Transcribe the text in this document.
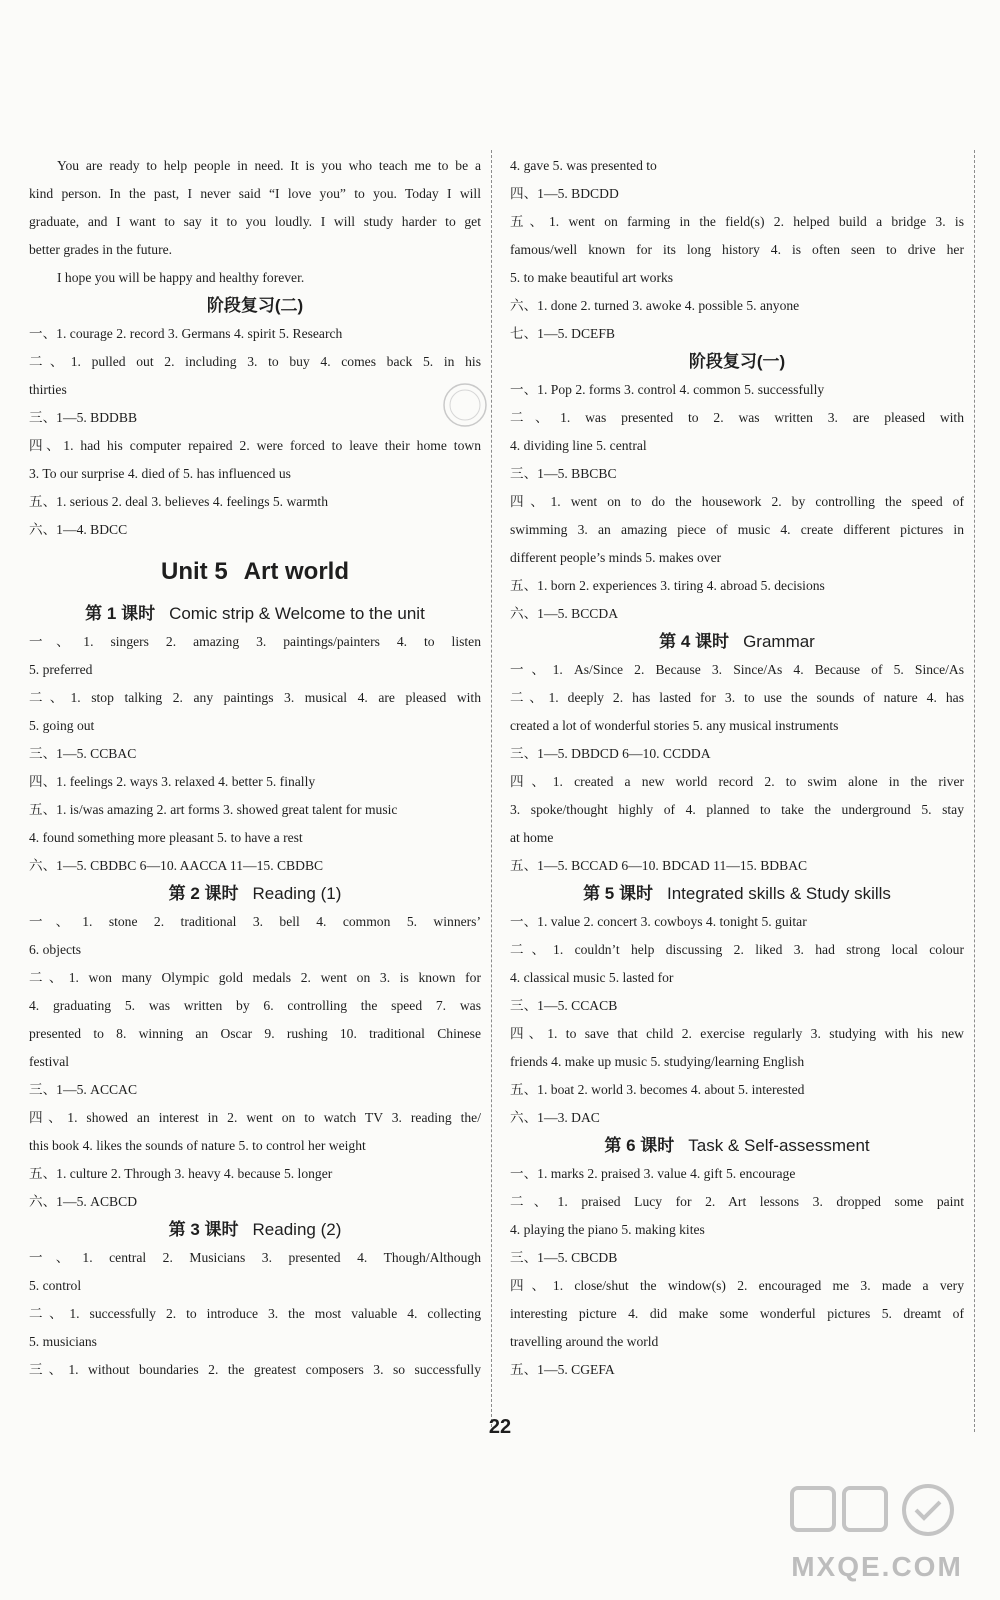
You are ready to help people in need. It is you who teach me to be a
kind person. In the past, I never said “I love you” to you. Today I will
graduate, and I want to say it to you loudly. I will study harder to get
better grades in the future.
I hope you will be happy and healthy forever.
阶段复习(二)
一、1. courage 2. record 3. Germans 4. spirit 5. Research
二、1. pulled out 2. including 3. to buy 4. comes back 5. in his
thirties
三、1—5. BDDBB
四、1. had his computer repaired 2. were forced to leave their home town
3. To our surprise 4. died of 5. has influenced us
五、1. serious 2. deal 3. believes 4. feelings 5. warmth
六、1—4. BDCC
Unit 5 Art world
第 1 课时 Comic strip & Welcome to the unit
一、1. singers 2. amazing 3. paintings/painters 4. to listen
5. preferred
二、1. stop talking 2. any paintings 3. musical 4. are pleased with
5. going out
三、1—5. CCBAC
四、1. feelings 2. ways 3. relaxed 4. better 5. finally
五、1. is/was amazing 2. art forms 3. showed great talent for music
4. found something more pleasant 5. to have a rest
六、1—5. CBDBC 6—10. AACCA 11—15. CBDBC
第 2 课时 Reading (1)
一、1. stone 2. traditional 3. bell 4. common 5. winners’
6. objects
二、1. won many Olympic gold medals 2. went on 3. is known for
4. graduating 5. was written by 6. controlling the speed 7. was
presented to 8. winning an Oscar 9. rushing 10. traditional Chinese
festival
三、1—5. ACCAC
四、1. showed an interest in 2. went on to watch TV 3. reading the/
this book 4. likes the sounds of nature 5. to control her weight
五、1. culture 2. Through 3. heavy 4. because 5. longer
六、1—5. ACBCD
第 3 课时 Reading (2)
一、1. central 2. Musicians 3. presented 4. Though/Although
5. control
二、1. successfully 2. to introduce 3. the most valuable 4. collecting
5. musicians
三、1. without boundaries 2. the greatest composers 3. so successfully
4. gave 5. was presented to
四、1—5. BDCDD
五、1. went on farming in the field(s) 2. helped build a bridge 3. is
famous/well known for its long history 4. is often seen to drive her
5. to make beautiful art works
六、1. done 2. turned 3. awoke 4. possible 5. anyone
七、1—5. DCEFB
阶段复习(一)
一、1. Pop 2. forms 3. control 4. common 5. successfully
二、1. was presented to 2. was written 3. are pleased with
4. dividing line 5. central
三、1—5. BBCBC
四、1. went on to do the housework 2. by controlling the speed of
swimming 3. an amazing piece of music 4. create different pictures in
different people’s minds 5. makes over
五、1. born 2. experiences 3. tiring 4. abroad 5. decisions
六、1—5. BCCDA
第 4 课时 Grammar
一、1. As/Since 2. Because 3. Since/As 4. Because of 5. Since/As
二、1. deeply 2. has lasted for 3. to use the sounds of nature 4. has
created a lot of wonderful stories 5. any musical instruments
三、1—5. DBDCD 6—10. CCDDA
四、1. created a new world record 2. to swim alone in the river
3. spoke/thought highly of 4. planned to take the underground 5. stay
at home
五、1—5. BCCAD 6—10. BDCAD 11—15. BDBAC
第 5 课时 Integrated skills & Study skills
一、1. value 2. concert 3. cowboys 4. tonight 5. guitar
二、1. couldn’t help discussing 2. liked 3. had strong local colour
4. classical music 5. lasted for
三、1—5. CCACB
四、1. to save that child 2. exercise regularly 3. studying with his new
friends 4. make up music 5. studying/learning English
五、1. boat 2. world 3. becomes 4. about 5. interested
六、1—3. DAC
第 6 课时 Task & Self-assessment
一、1. marks 2. praised 3. value 4. gift 5. encourage
二、1. praised Lucy for 2. Art lessons 3. dropped some paint
4. playing the piano 5. making kites
三、1—5. CBCDB
四、1. close/shut the window(s) 2. encouraged me 3. made a very
interesting picture 4. did make some wonderful pictures 5. dreamt of
travelling around the world
五、1—5. CGEFA
22
MXQE.COM
